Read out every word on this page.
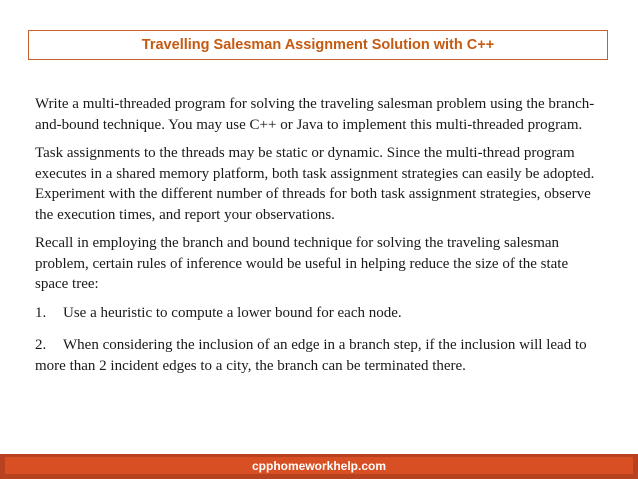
Travelling Salesman Assignment Solution with C++

Write a multi-threaded program for solving the traveling salesman problem using the branch-and-bound technique. You may use C++ or Java to implement this multi-threaded program.

Task assignments to the threads may be static or dynamic. Since the multi-thread program executes in a shared memory platform, both task assignment strategies can easily be adopted. Experiment with the different number of threads for both task assignment strategies, observe the execution times, and report your observations.

Recall in employing the branch and bound technique for solving the traveling salesman problem, certain rules of inference would be useful in helping reduce the size of the state space tree:

1. Use a heuristic to compute a lower bound for each node.

2. When considering the inclusion of an edge in a branch step, if the inclusion will lead to more than 2 incident edges to a city, the branch can be terminated there.

cpphomeworkhelp.com
